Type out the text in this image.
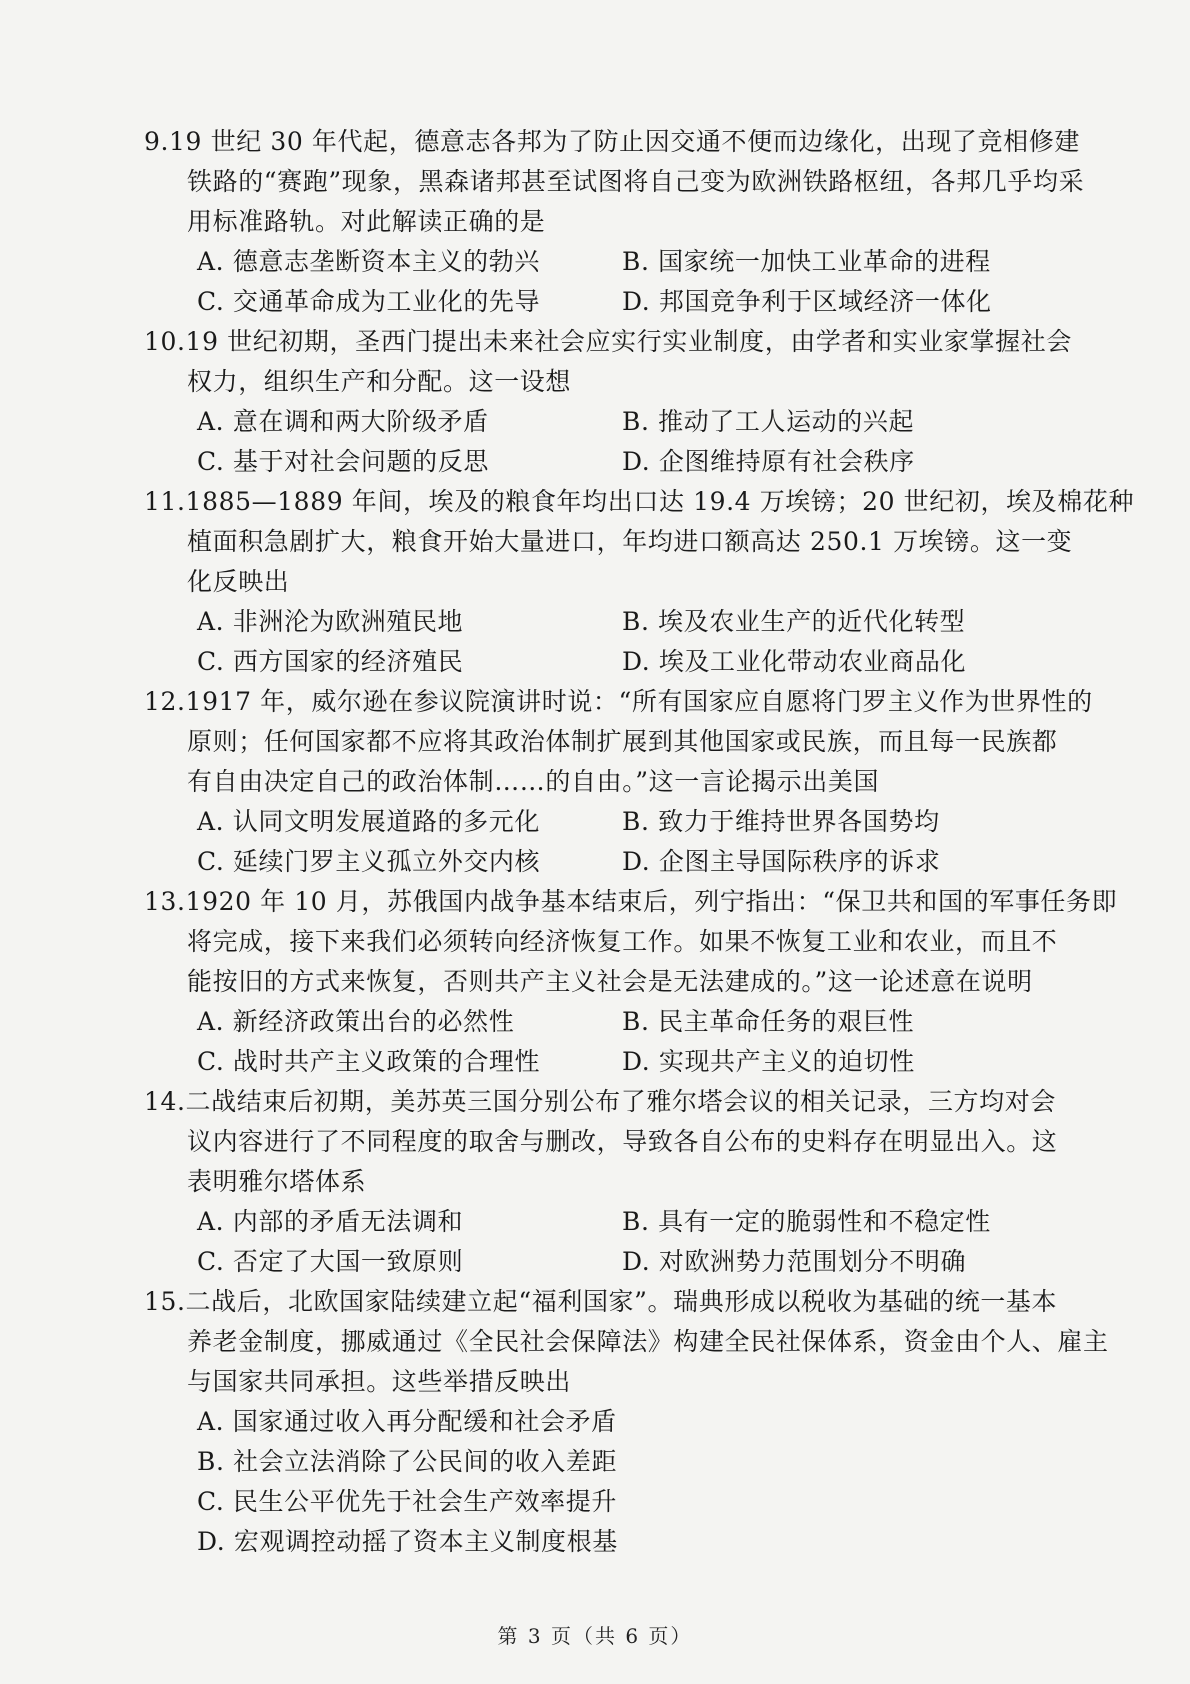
9.19 世纪 30 年代起，德意志各邦为了防止因交通不便而边缘化，出现了竞相修建
铁路的“赛跑”现象，黑森诸邦甚至试图将自己变为欧洲铁路枢纽，各邦几乎均采
用标准路轨。对此解读正确的是
A. 德意志垄断资本主义的勃兴	B. 国家统一加快工业革命的进程
C. 交通革命成为工业化的先导	D. 邦国竞争利于区域经济一体化
10.19 世纪初期，圣西门提出未来社会应实行实业制度，由学者和实业家掌握社会
权力，组织生产和分配。这一设想
A. 意在调和两大阶级矛盾	B. 推动了工人运动的兴起
C. 基于对社会问题的反思	D. 企图维持原有社会秩序
11.1885—1889 年间，埃及的粮食年均出口达 19.4 万埃镑；20 世纪初，埃及棉花种
植面积急剧扩大，粮食开始大量进口，年均进口额高达 250.1 万埃镑。这一变
化反映出
A. 非洲沦为欧洲殖民地	B. 埃及农业生产的近代化转型
C. 西方国家的经济殖民	D. 埃及工业化带动农业商品化
12.1917 年，威尔逊在参议院演讲时说：“所有国家应自愿将门罗主义作为世界性的
原则；任何国家都不应将其政治体制扩展到其他国家或民族，而且每一民族都
有自由决定自己的政治体制……的自由。”这一言论揭示出美国
A. 认同文明发展道路的多元化	B. 致力于维持世界各国势均
C. 延续门罗主义孤立外交内核	D. 企图主导国际秩序的诉求
13.1920 年 10 月，苏俄国内战争基本结束后，列宁指出：“保卫共和国的军事任务即
将完成，接下来我们必须转向经济恢复工作。如果不恢复工业和农业，而且不
能按旧的方式来恢复，否则共产主义社会是无法建成的。”这一论述意在说明
A. 新经济政策出台的必然性	B. 民主革命任务的艰巨性
C. 战时共产主义政策的合理性	D. 实现共产主义的迫切性
14.二战结束后初期，美苏英三国分别公布了雅尔塔会议的相关记录，三方均对会
议内容进行了不同程度的取舍与删改，导致各自公布的史料存在明显出入。这
表明雅尔塔体系
A. 内部的矛盾无法调和	B. 具有一定的脆弱性和不稳定性
C. 否定了大国一致原则	D. 对欧洲势力范围划分不明确
15.二战后，北欧国家陆续建立起“福利国家”。瑞典形成以税收为基础的统一基本
养老金制度，挪威通过《全民社会保障法》构建全民社保体系，资金由个人、雇主
与国家共同承担。这些举措反映出
A. 国家通过收入再分配缓和社会矛盾
B. 社会立法消除了公民间的收入差距
C. 民生公平优先于社会生产效率提升
D. 宏观调控动摇了资本主义制度根基
第 3 页（共 6 页）
